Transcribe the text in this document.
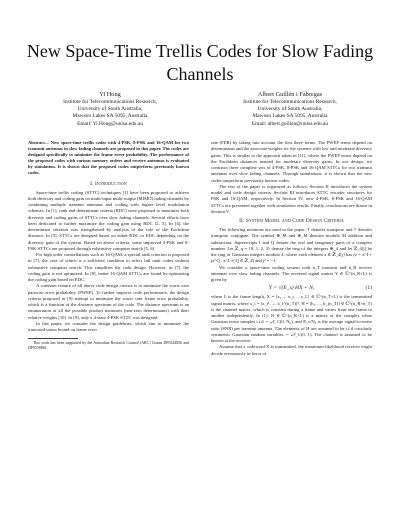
New Space-Time Trellis Codes for Slow Fading Channels
Yi Hong
Institute for Telecommunications Research,
University of South Australia,
Mawson Lakes SA 5095, Australia
Email: Yi.Hong@unisa.edu.au
Albert Guillén i Fàbregas
Institute for Telecommunications Research,
University of South Australia,
Mawson Lakes SA 5095, Australia
Email: albert.guillen@unisa.edu.au

Abstract— New space-time trellis codes with 4-PSK, 8-PSK and 16-QAM for two transmit antennas in slow fading channels are proposed in this paper. The codes are designed specifically to minimize the frame error probability. The performance of the proposed codes with various memory orders and receive antennas is evaluated by simulation. It is shown that the proposed codes outperform previously known codes.

I. Introduction

Space-time trellis coding (STTC) techniques [1] have been proposed to achieve both diversity and coding gain on multi-input multi-output (MIMO) fading channels by combining multiple transmit antennas and coding with higher level modulation schemes. In [1], rank and determinant criteria (RDC) were proposed to maximize both diversity and coding gains of STTCs over slow fading channels. Several efforts have been dedicated to further maximize the coding gain using RDC [2, 3]. In [4], the determinant criterion was strengthened by analysis of the role of the Euclidean distance. In [5], STTCs are designed based on either RDC or EDC depending on the diversity gain of the system. Based on above criteria, some improved 4-PSK and 8-PSK STTCs are proposed through exhaustive computer search [5, 6].

For high order constellations such as 16-QAM, a special rank criterion is proposed in [7], the core of which is a sufficient condition to select full rank codes without exhaustive computer search. This simplifies the code design. However, in [7], the coding gain is not optimized. In [8], better 16-QAM STTCs are found by optimizing the coding gain based on EDC.

A common feature of all above code design criteria is to minimize the worst case pairwise error probability (PWEP). To further improve code performance, the design criteria proposed in [9] attempt to minimize the worst case frame error probability, which is a function of the distance spectrum of the code. The distance spectrum is an enumeration of all the possible product measures (non-zero determinants) with their relative weights [10]. In [9], only a 4-state 4-PSK STTC was designed.

In this paper, we consider the design guidelines, which aim to minimize the truncated union bound on frame error

This work has been supported by the Australian Research Council (ARC) Grants DP0344856 and DP0558861.

rate (FER) by taking into account the first three terms. The PWEP terms depend on determinants and the associate weights for the systems with low and moderate diversity gains. This is similar to the approach taken in [11], where the PWEP terms depend on the Euclidean distances instead for moderate diversity gains. In our design, we construct three complete sets of 4-PSK, 8-PSK and 16-QAM STTCs for two transmit antennas over slow fading channels. Through simulations, it is shown that the new codes outperform previously known codes.

The rest of the paper is organized as follows: Section II introduces the system model and code design criteria. Section III introduces STTC encoder structures for PSK and 16-QAM, respectively. In Section IV, new 4-PSK, 8-PSK and 16-QAM STTCs are presented together with simulation results. Finally, conclusions are drawn in Section V.

II. System Model and Code Design Criteria

The following notations are used in the paper: T denotes transpose and † denotes transpose conjugate. The symbol ⊕_M and ⊕_M denotes modulo M addition and subtraction. Superscripts I and Q denote the real and imaginary parts of a complex number. Let ℤ_q = {0, 1, 2, 3} denote the ring of the integers ⊕_4 and let ℤ_4[j] be the ring of Gaussian integers modulo 4, where each element z ∈ ℤ_4[j] has (z = z^I + jz^Q ; z^I, z^Q ∈ ℤ_4) and j² = −1.

We consider a space-time coding system with n_T transmit and n_R receive antennas over slow fading channels. The received signal matrix Y ∈ ℂ^(n_R×L) is given by

Y = √(E_s) HX + N,	(1)

where L is the frame length, X = [x₁ ... x_t ... x_L] ∈ ℂ^(n_T×L) is the transmitted signal matrix, where x_t = [x_t¹, ..., x_t^(n_T)]ᵀ, H = [h₁, ..., h_(n_T)] ∈ ℂ^(n_R×n_T) is the channel matrix, which is constant during a frame and varies from one frame to another independently. In (1), N ∈ ℂ^(n_R×L) is a matrix of the complex white Gaussian noise samples i.i.d ∼ 𝒩_C(0, N₀), and E_s/N₀ is the average signal-to-noise ratio (SNR) per transmit antenna. The elements of H are assumed to be i.i.d circularly symmetric Gaussian random variables ∼ 𝒩_C(0, 1). The channel is assumed to be known at the receiver.

Assume that a codeword X is transmitted, the maximum-likelihood receiver might decide erroneously in favor of
